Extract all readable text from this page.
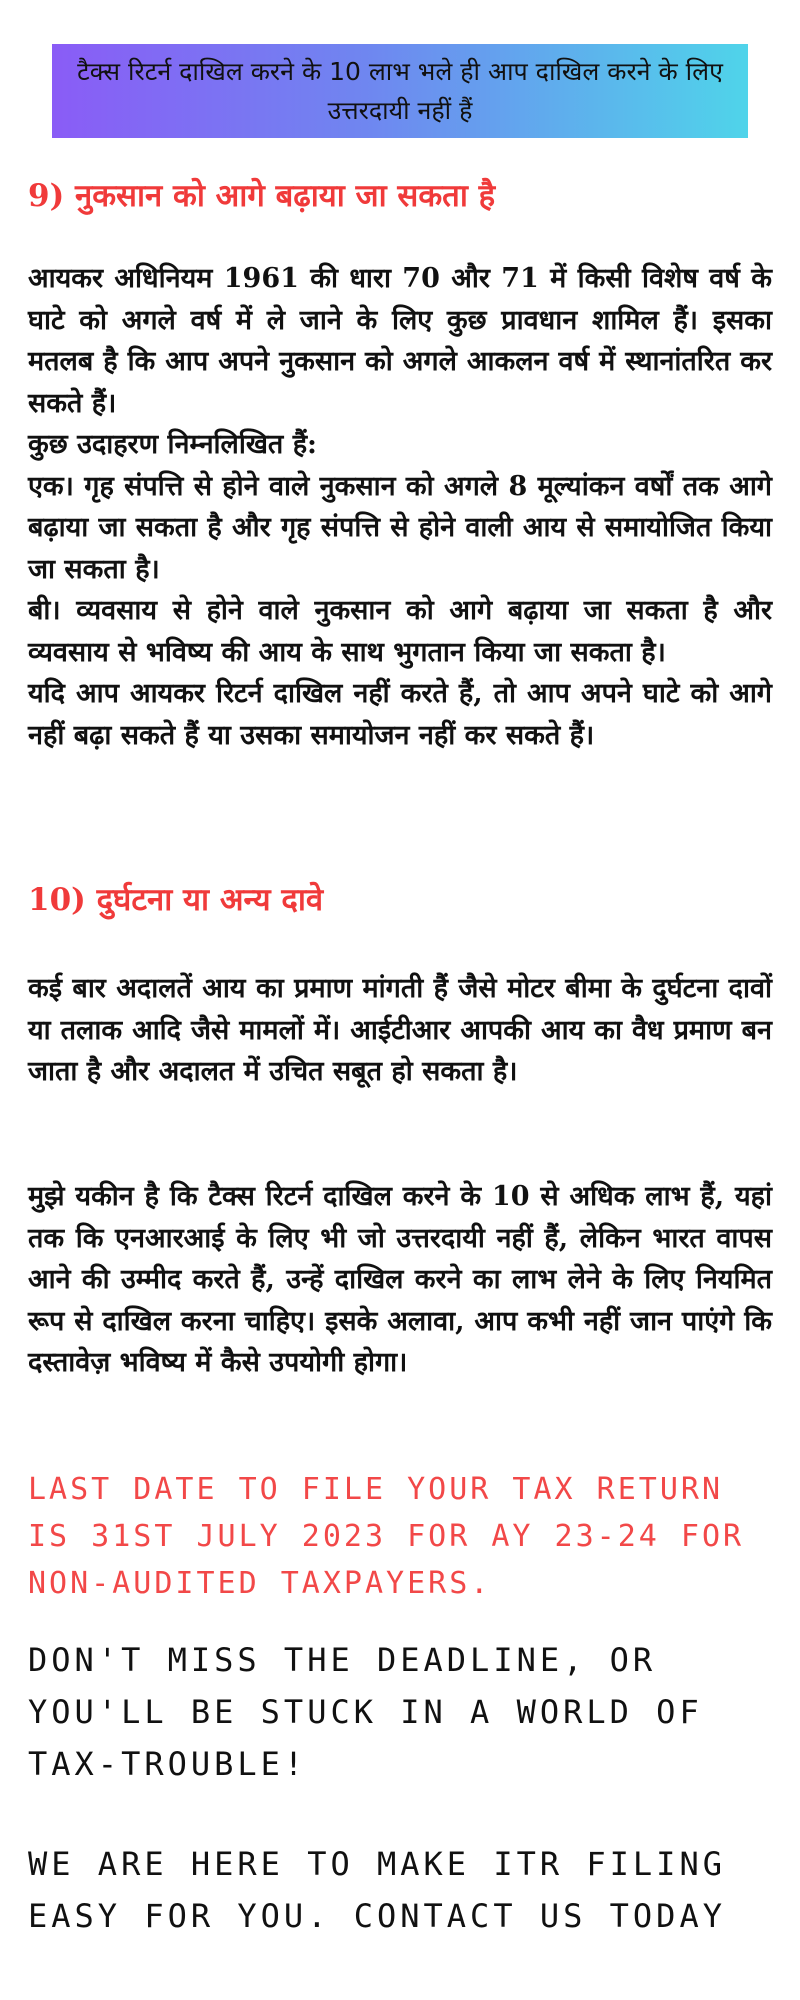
टैक्स रिटर्न दाखिल करने के 10 लाभ भले ही आप दाखिल करने के लिए उत्तरदायी नहीं हैं
9) नुकसान को आगे बढ़ाया जा सकता है

आयकर अधिनियम 1961 की धारा 70 और 71 में किसी विशेष वर्ष के घाटे को अगले वर्ष में ले जाने के लिए कुछ प्रावधान शामिल हैं। इसका मतलब है कि आप अपने नुकसान को अगले आकलन वर्ष में स्थानांतरित कर सकते हैं।

कुछ उदाहरण निम्नलिखित हैं:

एक। गृह संपत्ति से होने वाले नुकसान को अगले 8 मूल्यांकन वर्षों तक आगे बढ़ाया जा सकता है और गृह संपत्ति से होने वाली आय से समायोजित किया जा सकता है।

बी। व्यवसाय से होने वाले नुकसान को आगे बढ़ाया जा सकता है और व्यवसाय से भविष्य की आय के साथ भुगतान किया जा सकता है।

यदि आप आयकर रिटर्न दाखिल नहीं करते हैं, तो आप अपने घाटे को आगे नहीं बढ़ा सकते हैं या उसका समायोजन नहीं कर सकते हैं।

10) दुर्घटना या अन्य दावे

कई बार अदालतें आय का प्रमाण मांगती हैं जैसे मोटर बीमा के दुर्घटना दावों या तलाक आदि जैसे मामलों में। आईटीआर आपकी आय का वैध प्रमाण बन जाता है और अदालत में उचित सबूत हो सकता है।

मुझे यकीन है कि टैक्स रिटर्न दाखिल करने के 10 से अधिक लाभ हैं, यहां तक कि एनआरआई के लिए भी जो उत्तरदायी नहीं हैं, लेकिन भारत वापस आने की उम्मीद करते हैं, उन्हें दाखिल करने का लाभ लेने के लिए नियमित रूप से दाखिल करना चाहिए। इसके अलावा, आप कभी नहीं जान पाएंगे कि दस्तावेज़ भविष्य में कैसे उपयोगी होगा।

LAST DATE TO FILE YOUR TAX RETURN IS 31ST JULY 2023 FOR AY 23-24 FOR NON-AUDITED TAXPAYERS.

DON'T MISS THE DEADLINE, OR YOU'LL BE STUCK IN A WORLD OF TAX-TROUBLE!

WE ARE HERE TO MAKE ITR FILING EASY FOR YOU. CONTACT US TODAY
